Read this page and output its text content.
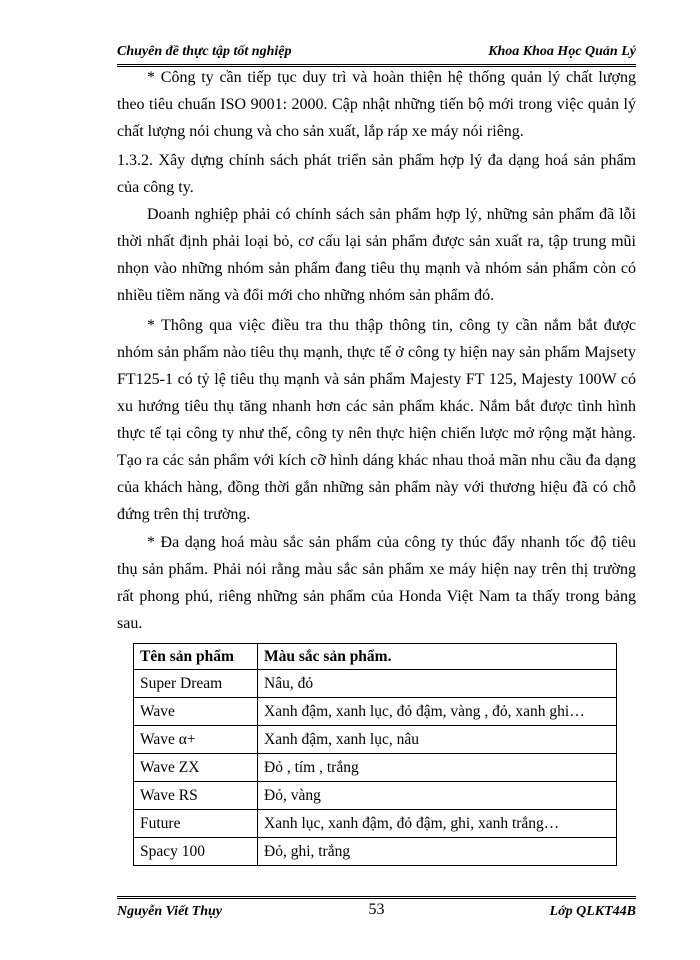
Chuyên đề thực tập tốt nghiệp	Khoa Khoa Học Quản Lý

* Công ty cần tiếp tục duy trì và hoàn thiện hệ thống quản lý chất lượng theo tiêu chuẩn ISO 9001: 2000. Cập nhật những tiến bộ mới trong việc quản lý chất lượng nói chung và cho sản xuất, lắp ráp xe máy nói riêng.

1.3.2. Xây dựng chính sách phát triển sản phẩm hợp lý đa dạng hoá sản phẩm của công ty.

Doanh nghiệp phải có chính sách sản phẩm hợp lý, những sản phẩm đã lỗi thời nhất định phải loại bỏ, cơ cấu lại sản phẩm được sản xuất ra, tập trung mũi nhọn vào những nhóm sản phẩm đang tiêu thụ mạnh và nhóm sản phẩm còn có nhiều tiềm năng và đổi mới cho những nhóm sản phẩm đó.

* Thông qua việc điều tra thu thập thông tin, công ty cần nắm bắt được nhóm sản phẩm nào tiêu thụ mạnh, thực tế ở công ty hiện nay sản phẩm Majsety FT125-1 có tỷ lệ tiêu thụ mạnh và sản phẩm Majesty FT 125, Majesty 100W có xu hướng tiêu thụ tăng nhanh hơn các sản phẩm khác. Nắm bắt được tình hình thực tế tại công ty như thế, công ty nên thực hiện chiến lược mở rộng mặt hàng. Tạo ra các sản phẩm với kích cỡ hình dáng khác nhau thoả mãn nhu cầu đa dạng của khách hàng, đồng thời gắn những sản phẩm này với thương hiệu đã có chỗ đứng trên thị trường.

* Đa dạng hoá màu sắc sản phẩm của công ty thúc đẩy nhanh tốc độ tiêu thụ sản phẩm. Phải nói rằng màu sắc sản phẩm xe máy hiện nay trên thị trường rất phong phú, riêng những sản phẩm của Honda Việt Nam ta thấy trong bảng sau.

Tên sản phẩm	Màu sắc sản phẩm.
Super Dream	Nâu, đỏ
Wave	Xanh đậm, xanh lục, đỏ đậm, vàng , đỏ, xanh ghi…
Wave α+	Xanh đậm, xanh lục, nâu
Wave ZX	Đỏ , tím , trắng
Wave RS	Đỏ, vàng
Future	Xanh lục, xanh đậm, đỏ đậm, ghi, xanh trắng…
Spacy 100	Đỏ, ghi, trắng
Nguyễn Viết Thụy	53	Lớp QLKT44B
